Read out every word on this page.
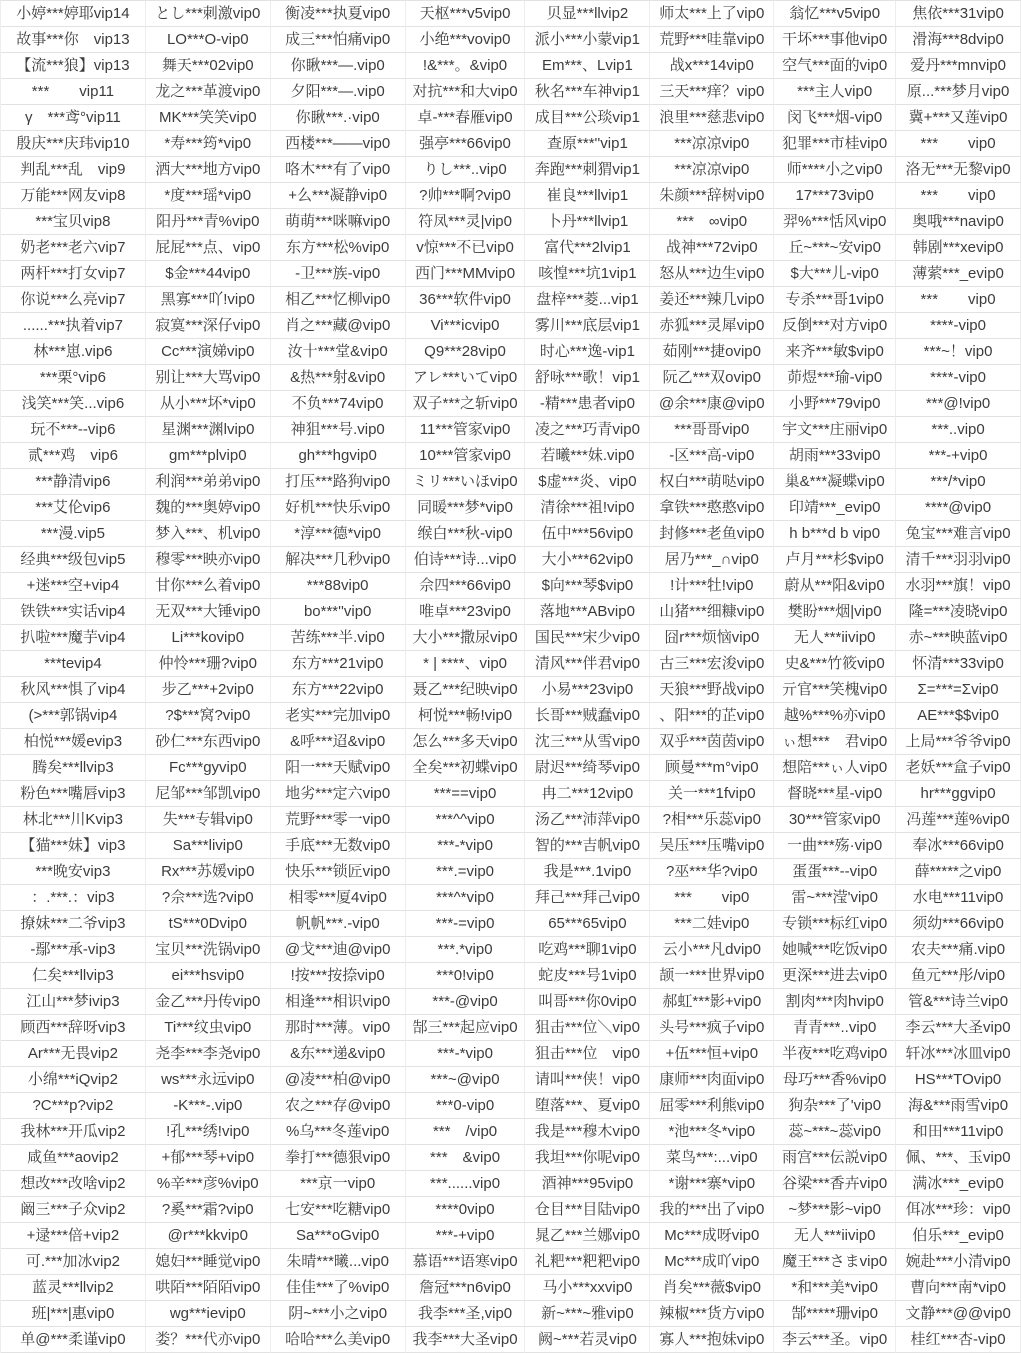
小婷***婷耶vip14	とし***刺激vip0	衡凌***执夏vip0	天枢***v5vip0	贝显***llvip2	师太***上了vip0	翁忆***v5vip0	焦依***31vip0
故事***你　vip13	LO***O-vip0	成三***怕痛vip0	小绝***vovip0	派小***小蒙vip1	荒野***哇靠vip0	干坏***事他vip0	滑海***8dvip0
【流***狼】vip13	舞天***02vip0	你瞅***—.vip0	!&***。&vip0	Em***、Lvip1	战x***14vip0	空气***面的vip0	爱丹***mnvip0
***　　vip11	龙之***革渡vip0	夕阳***—.vip0	对抗***和大vip0	秋名***车神vip1	三天***痒？vip0	***主人vip0	原...***梦月vip0
γ　***鸢°vip11	MK***笑笑vip0	你瞅***.·vip0	卓-***春雁vip0	成目***公琰vip1	浪里***慈悲vip0	闵飞***烟-vip0	冀+***又莲vip0
殷庆***庆玮vip10	*寿***筠*vip0	西楼***——vip0	强亭***66vip0	查原***''vip1	***凉凉vip0	犯罪***市桂vip0	***　　vip0
判乱***乱　vip9	洒大***地方vip0	咯木***有了vip0	りし***..vip0	奔跑***刺猬vip1	***凉凉vip0	师****小之vip0	洛无***无黎vip0
万能***网友vip8	*度***瑶*vip0	+么***凝静vip0	?帅***啊?vip0	崔良***llvip1	朱颜***辞树vip0	17***73vip0	***　　vip0
***宝贝vip8	阳丹***青%vip0	萌萌***咪嘛vip0	符凤***灵|vip0	卜丹***llvip1	***　∞vip0	羿%***恬风vip0	奥哦***navip0
奶老***老六vip7	屁屁***点、vip0	东方***松%vip0	v惊***不已vip0	富代***2lvip1	战神***72vip0	丘~***~安vip0	韩剧***xevip0
两杆***打女vip7	$金***44vip0	-卫***族-vip0	西门***MMvip0	咳惶***坑1vip1	怒从***边生vip0	$大***儿-vip0	薄萦***_evip0
你说***么亮vip7	黑寡***吖!vip0	相乙***忆柳vip0	36***软件vip0	盘梓***菱...vip1	姜还***辣几vip0	专杀***哥1vip0	***　　vip0
......***执着vip7	寂寞***深仔vip0	肖之***藏@vip0	Vi***icvip0	雾川***底层vip1	赤狐***灵犀vip0	反倒***对方vip0	****-vip0
林***崽.vip6	Cc***演娣vip0	汝十***堂&vip0	Q9***28vip0	时心***逸-vip1	茹刚***捷ovip0	来齐***敏$vip0	***~！vip0
***栗°vip6	别让***大骂vip0	&热***射&vip0	アレ***いてvip0	舒咏***歌！vip1	阮乙***双ovip0	茆煜***瑜-vip0	****-vip0
浅笑***笑...vip6	从小***坏*vip0	不负***74vip0	双子***之斩vip0	-精***患者vip0	@余***康@vip0	小野***79vip0	***@!vip0
玩不***--vip6	星渊***渊lvip0	神狙***号.vip0	11***管家vip0	凌之***巧青vip0	***哥哥vip0	宇文***庄丽vip0	***..vip0
贰***鸡　vip6	gm***plvip0	gh***hgvip0	10***管家vip0	若曦***妹.vip0	-区***高-vip0	胡雨***33vip0	***-+vip0
***静清vip6	利润***弟弟vip0	打压***路狗vip0	ミリ***いほvip0	$虚***炎、vip0	权白***萌哒vip0	巢&***凝蝶vip0	***/*vip0
***艾伦vip6	魏的***奥婷vip0	好机***快乐vip0	同暖***梦*vip0	清徐***祖!vip0	拿铁***憨憨vip0	印靖***_evip0	****@vip0
***漫.vip5	梦入***、机vip0	*淳***德*vip0	缑白***秋-vip0	伍中***56vip0	封修***老鱼vip0	h b***d b vip0	兔宝***难言vip0
经典***级包vip5	穆零***映亦vip0	解决***几秒vip0	伯诗***诗...vip0	大小***62vip0	居乃***_∩vip0	卢月***杉$vip0	清千***羽羽vip0
+迷***空+vip4	甘你***么着vip0	***88vip0	佘四***66vip0	$向***琴$vip0	!计***牡!vip0	蔚从***阳&vip0	水羽***旗！vip0
铁铁***实话vip4	无双***大锤vip0	bo***''vip0	唯卓***23vip0	落地***ABvip0	山猪***细糠vip0	樊盼***烟|vip0	隆=***凌晓vip0
扒啦***魔芋vip4	Li***kovip0	苦练***半.vip0	大小***撒尿vip0	国民***宋少vip0	囧r***烦恼vip0	无人***iivip0	赤~***映蓝vip0
***tevip4	仲怜***珊?vip0	东方***21vip0	* | ****、vip0	清风***伴君vip0	古三***宏浚vip0	史&***竹筱vip0	怀清***33vip0
秋风***惧了vip4	步乙***+2vip0	东方***22vip0	聂乙***纪映vip0	小易***23vip0	天狼***野战vip0	亓官***笑槐vip0	Σ=***=Σvip0
(>***郭锅vip4	?$***窝?vip0	老实***完加vip0	柯悦***畅!vip0	长哥***贼蠢vip0	、阳***的芷vip0	越%***%亦vip0	AE***$$vip0
柏悦***媛evip3	砂仁***东西vip0	&呼***迢&vip0	怎么***多天vip0	沈三***从雪vip0	双乎***茵茵vip0	ぃ想***　君vip0	上局***爷爷vip0
腾矣***llvip3	Fc***gyvip0	阳一***天赋vip0	全矣***初蝶vip0	尉迟***绮琴vip0	顾曼***m°vip0	想陪***ぃ人vip0	老妖***盒子vip0
粉色***嘴唇vip3	尼邹***邹凯vip0	地劣***定六vip0	***==vip0	冉二***12vip0	关一***1fvip0	督晓***星-vip0	hr***ggvip0
林北***川Kvip3	失***专辑vip0	荒野***零一vip0	***^^vip0	汤乙***沛萍vip0	?相***乐蕊vip0	30***管家vip0	冯莲***莲%vip0
【猫***妹】vip3	Sa***livip0	手底***无数vip0	***-*vip0	智的***吉帆vip0	吴压***压嘴vip0	一曲***殇·vip0	奉冰***66vip0
***晚安vip3	Rx***苏媛vip0	快乐***锁匠vip0	***.=vip0	我是***.1vip0	?巫***华?vip0	蛋蛋***--vip0	薛*****之vip0
：.***.：vip3	?佘***选?vip0	相零***厦4vip0	***^*vip0	拜己***拜己vip0	***　　vip0	雷~***滢'vip0	水电***11vip0
撩妹***二爷vip3	tS***0Dvip0	帆帆***.-vip0	***-=vip0	65***65vip0	***二娃vip0	专锁***标红vip0	须幼***66vip0
-鄢***承-vip3	宝贝***洗锅vip0	@戈***迪@vip0	***.*vip0	吃鸡***聊1vip0	云小***凡dvip0	她喊***吃饭vip0	农夫***痛.vip0
仁矣***llvip3	ei***hsvip0	!按***按捺vip0	***0!vip0	蛇皮***号1vip0	颉一***世界vip0	更深***进去vip0	鱼元***彤/vip0
江山***梦ivip3	金乙***丹传vip0	相逢***相识vip0	***-@vip0	叫哥***你0vip0	郝虹***影+vip0	割肉***肉hvip0	管&***诗兰vip0
顾西***辞呀vip3	Ti***纹虫vip0	那时***薄。vip0	郜三***起应vip0	狙击***位＼vip0	头号***疯子vip0	青青***..vip0	李云***大圣vip0
Ar***无畏vip2	尧李***李尧vip0	&东***递&vip0	***-*vip0	狙击***位　vip0	+伍***恒+vip0	半夜***吃鸡vip0	轩冰***冰皿vip0
小绵***iQvip2	ws***永远vip0	@凌***柏@vip0	***~@vip0	请叫***侠！vip0	康师***肉面vip0	母巧***香%vip0	HS***TOvip0
?C***p?vip2	-K***-.vip0	农之***存@vip0	***0-vip0	堕落***、夏vip0	屈零***利熊vip0	狗杂***了'vip0	海&***雨雪vip0
我林***开瓜vip2	!孔***绣!vip0	%乌***冬莲vip0	***　/vip0	我是***穆木vip0	*池***冬*vip0	蕊~***~蕊vip0	和田***11vip0
咸鱼***aovip2	+郁***琴+vip0	拳打***德狠vip0	***　&vip0	我坦***你呢vip0	菜鸟***:...vip0	雨宫***伝説vip0	佩、***、玉vip0
想改***改啥vip2	%辛***彦%vip0	***京一vip0	***......vip0	酒神***95vip0	*谢***寨*vip0	谷梁***香卉vip0	满冰***_evip0
阚三***子众vip2	?奚***霜?vip0	七安***吃糖vip0	****0vip0	仓目***目陆vip0	我的***出了vip0	~梦***影~vip0	佴冰***珍：vip0
+逯***倍+vip2	@r***kkvip0	Sa***oGvip0	***-+vip0	晁乙***兰娜vip0	Mc***成呀vip0	无人***iivip0	伯乐***_evip0
可.***加冰vip2	媳妇***睡觉vip0	朱晴***曦...vip0	慕语***语寒vip0	礼粑***粑粑vip0	Mc***成吖vip0	魔王***さまvip0	婉赴***小清vip0
蓝灵***llvip2	哄陌***陌陌vip0	佳佳***了%vip0	詹冠***n6vip0	马小***xxvip0	肖矣***薇$vip0	*和***美*vip0	曹向***南*vip0
班|***|惠vip0	wg***ievip0	阴~***小之vip0	我李***圣,vip0	新~***~雅vip0	辣椒***货方vip0	郜*****珊vip0	文静***@@vip0
单@***柔谨vip0	娄？***代亦vip0	哈哈***么美vip0	我李***大圣vip0	阙~***若灵vip0	寡人***抱妹vip0	李云***圣。vip0	桂红***杏-vip0
